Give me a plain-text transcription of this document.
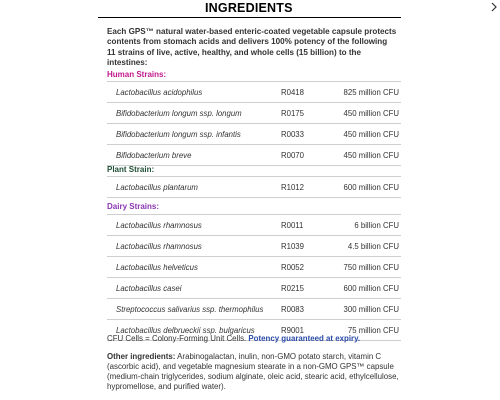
INGREDIENTS
Each GPS™ natural water-based enteric-coated vegetable capsule protects contents from stomach acids and delivers 100% potency of the following 11 strains of live, active, healthy, and whole cells (15 billion) to the intestines:
Human Strains:
Lactobacillus acidophilus	R0418	825 million CFU
Bifidobacterium longum ssp. longum	R0175	450 million CFU
Bifidobacterium longum ssp. infantis	R0033	450 million CFU
Bifidobacterium breve	R0070	450 million CFU
Plant Strain:
Lactobacillus plantarum	R1012	600 million CFU
Dairy Strains:
Lactobacillus rhamnosus	R0011	6 billion CFU
Lactobacillus rhamnosus	R1039	4.5 billion CFU
Lactobacillus helveticus	R0052	750 million CFU
Lactobacillus casei	R0215	600 million CFU
Streptococcus salivarius ssp. thermophilus R0083	300 million CFU
Lactobacillus delbrueckii ssp. bulgaricus	R9001	75 million CFU
CFU Cells = Colony-Forming Unit Cells. Potency guaranteed at expiry.
Other ingredients: Arabinogalactan, inulin, non-GMO potato starch, vitamin C (ascorbic acid), and vegetable magnesium stearate in a non-GMO GPS™ capsule (medium-chain triglycerides, sodium alginate, oleic acid, stearic acid, ethylcellulose, hypromellose, and purified water).
